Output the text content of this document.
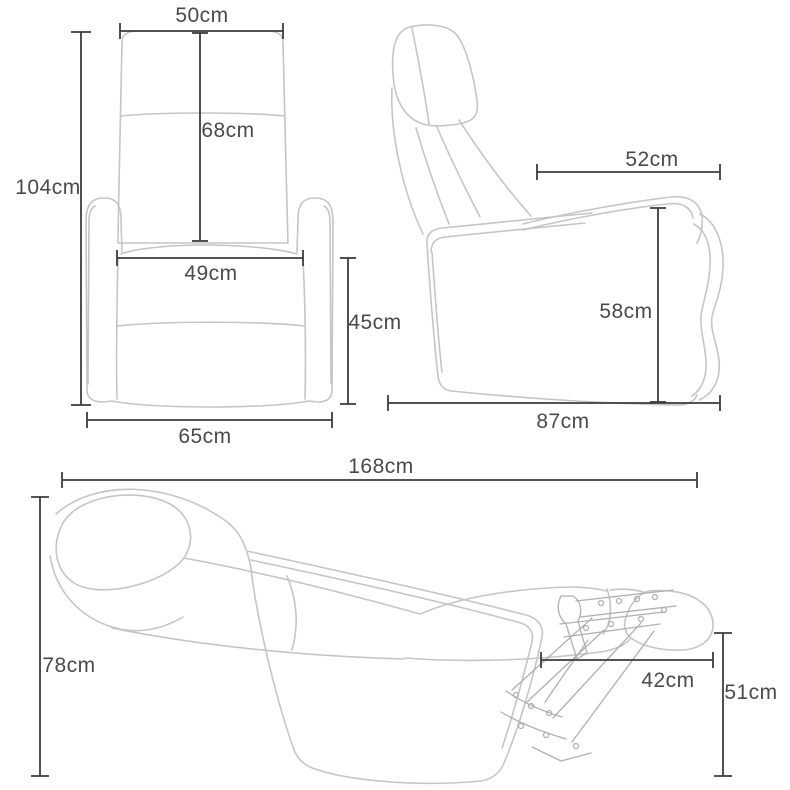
50cm
68cm
104cm
49cm
45cm
65cm
52cm
58cm
87cm
168cm
78cm
42cm
51cm
